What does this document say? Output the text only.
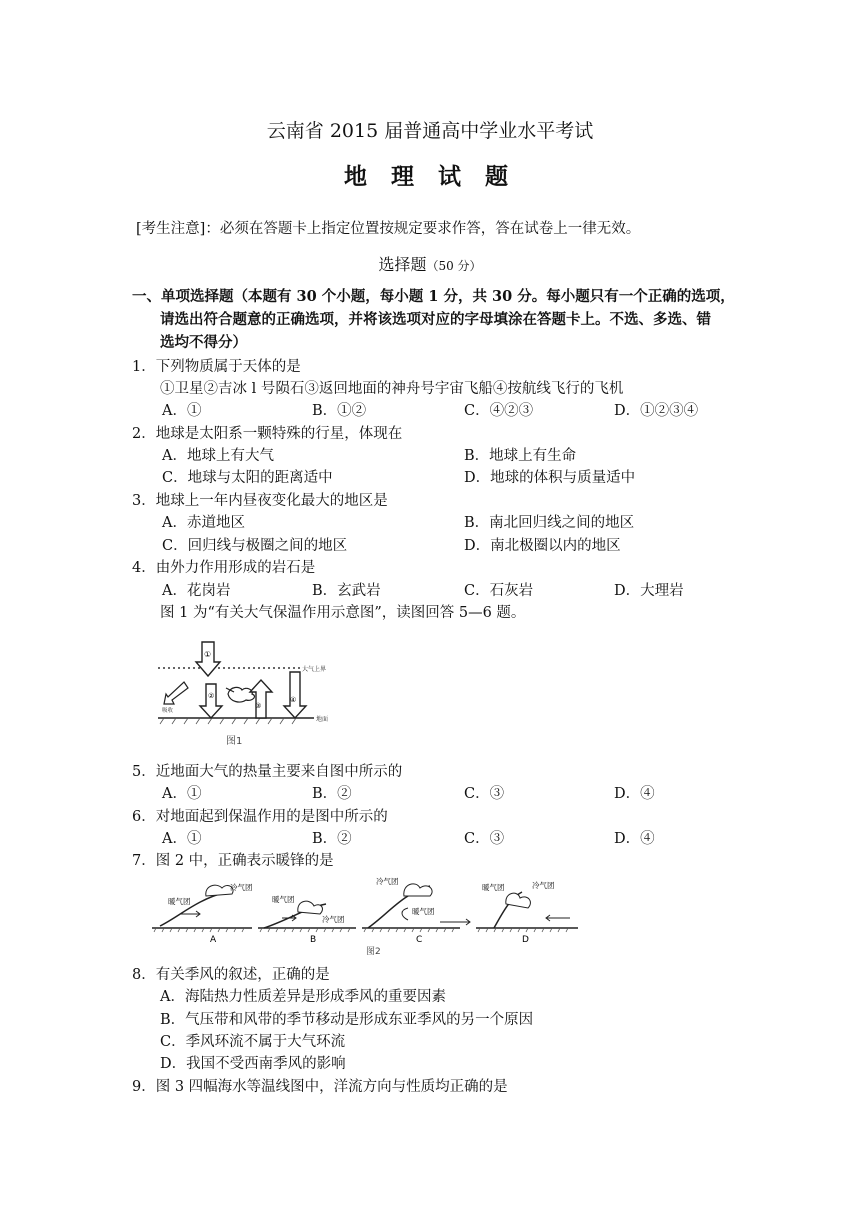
云南省 2015 届普通高中学业水平考试
地 理 试 题
[考生注意]：必须在答题卡上指定位置按规定要求作答，答在试卷上一律无效。
选择题（50 分）
一、单项选择题（本题有 30 个小题，每小题 1 分，共 30 分。每小题只有一个正确的选项，
请选出符合题意的正确选项，并将该选项对应的字母填涂在答题卡上。不选、多选、错
选均不得分）
1．下列物质属于天体的是
①卫星②吉冰 l 号陨石③返回地面的神舟号宇宙飞船④按航线飞行的飞机
A．①	B．①②	C．④②③	D．①②③④
2．地球是太阳系一颗特殊的行星，体现在
A．地球上有大气	B．地球上有生命
C．地球与太阳的距离适中	D．地球的体积与质量适中
3．地球上一年内昼夜变化最大的地区是
A．赤道地区	B．南北回归线之间的地区
C．回归线与极圈之间的地区	D．南北极圈以内的地区
4．由外力作用形成的岩石是
A．花岗岩	B．玄武岩	C．石灰岩	D．大理岩
图 1 为“有关大气保温作用示意图”，读图回答 5—6 题。
大气上界
地面
①
吸收
②
③
④
图1
5．近地面大气的热量主要来自图中所示的
A．①	B．②	C．③	D．④
6．对地面起到保温作用的是图中所示的
A．①	B．②	C．③	D．④
7．图 2 中，正确表示暖锋的是
暖气团
冷气团
A
暖气团
冷气团
B
冷气团
暖气团
C
暖气团	冷气团
D
图2
8．有关季风的叙述，正确的是
A．海陆热力性质差异是形成季风的重要因素
B．气压带和风带的季节移动是形成东亚季风的另一个原因
C．季风环流不属于大气环流
D．我国不受西南季风的影响
9．图 3 四幅海水等温线图中，洋流方向与性质均正确的是
